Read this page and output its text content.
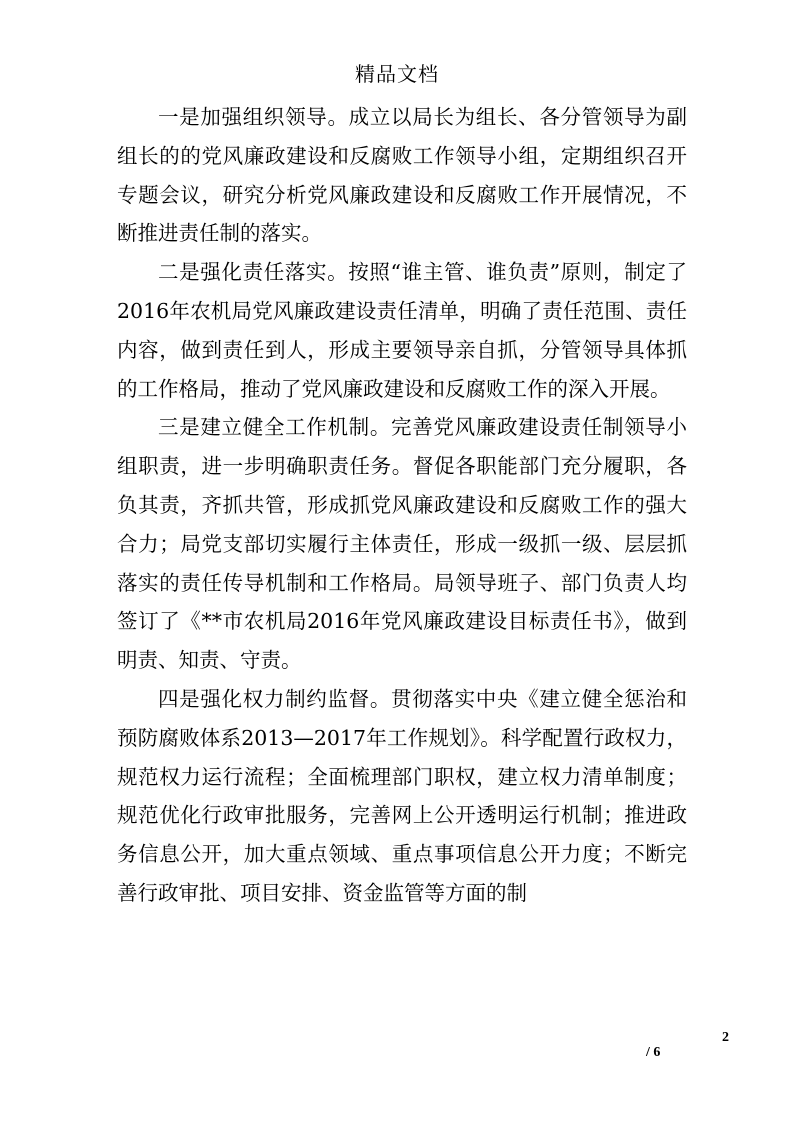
精品文档

一是加强组织领导。成立以局长为组长、各分管领导为副组长的的党风廉政建设和反腐败工作领导小组，定期组织召开专题会议，研究分析党风廉政建设和反腐败工作开展情况，不断推进责任制的落实。

二是强化责任落实。按照“谁主管、谁负责”原则，制定了2016年农机局党风廉政建设责任清单，明确了责任范围、责任内容，做到责任到人，形成主要领导亲自抓，分管领导具体抓的工作格局，推动了党风廉政建设和反腐败工作的深入开展。

三是建立健全工作机制。完善党风廉政建设责任制领导小组职责，进一步明确职责任务。督促各职能部门充分履职，各负其责，齐抓共管，形成抓党风廉政建设和反腐败工作的强大合力；局党支部切实履行主体责任，形成一级抓一级、层层抓落实的责任传导机制和工作格局。局领导班子、部门负责人均签订了《**市农机局2016年党风廉政建设目标责任书》，做到明责、知责、守责。

四是强化权力制约监督。贯彻落实中央《建立健全惩治和预防腐败体系2013—2017年工作规划》。科学配置行政权力，规范权力运行流程；全面梳理部门职权，建立权力清单制度；规范优化行政审批服务，完善网上公开透明运行机制；推进政务信息公开，加大重点领域、重点事项信息公开力度；不断完善行政审批、项目安排、资金监管等方面的制

2
/ 6
